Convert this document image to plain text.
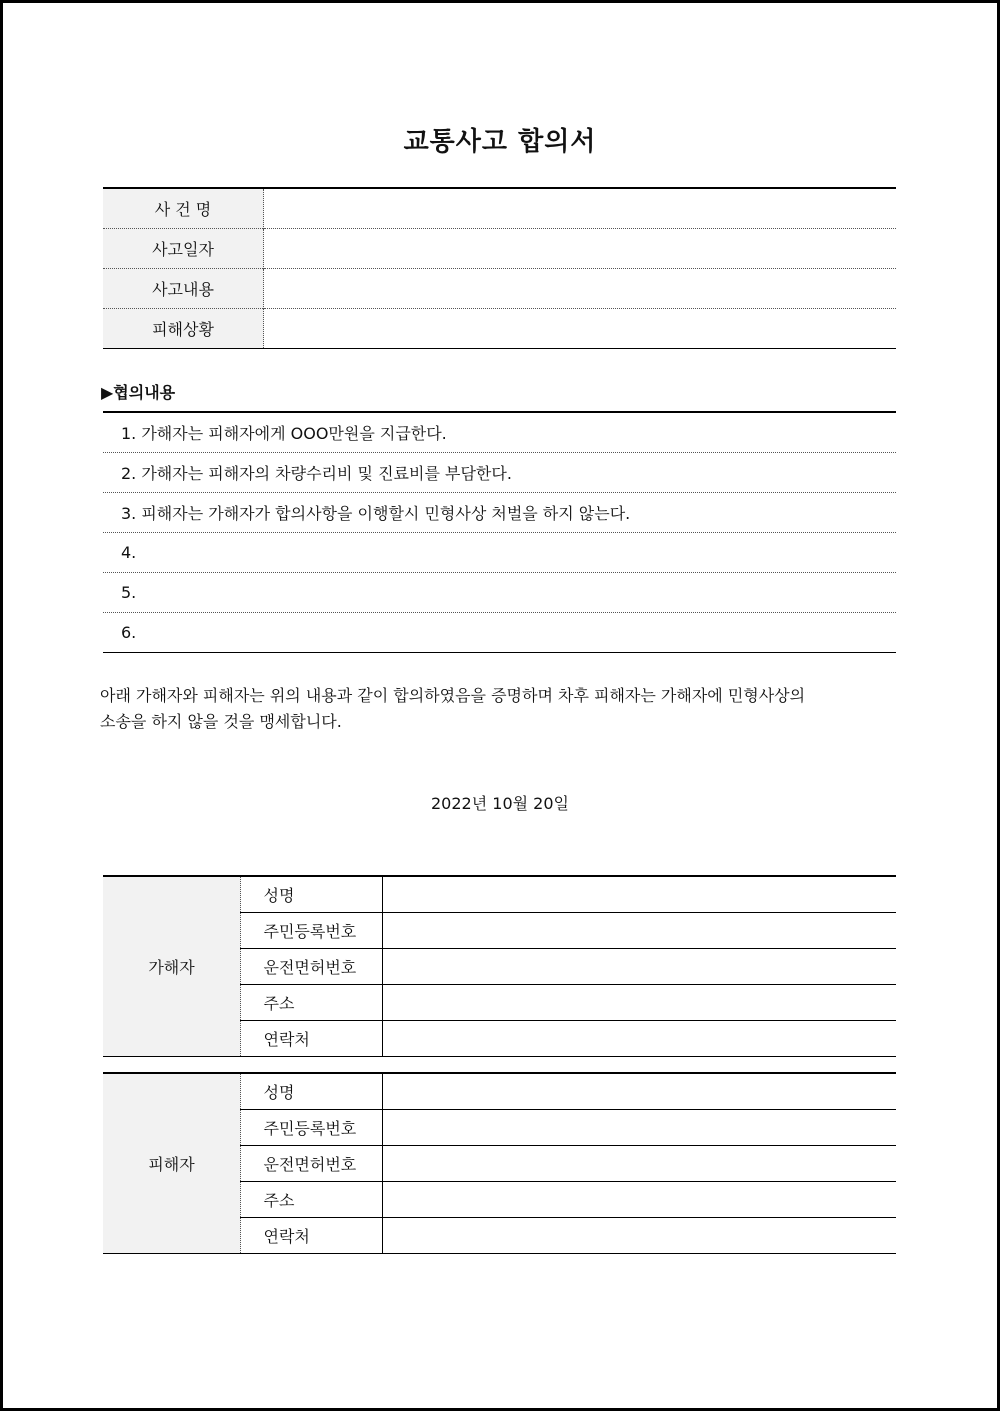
교통사고 합의서
사 건 명	
사고일자	
사고내용	
피해상황	
▶협의내용
1. 가해자는 피해자에게 OOO만원을 지급한다.
2. 가해자는 피해자의 차량수리비 및 진료비를 부담한다.
3. 피해자는 가해자가 합의사항을 이행할시 민형사상 처벌을 하지 않는다.
4.
5.
6.
아래 가해자와 피해자는 위의 내용과 같이 합의하였음을 증명하며 차후 피해자는 가해자에 민형사상의
소송을 하지 않을 것을 맹세합니다.
2022년 10월 20일
가해자	성명	
	주민등록번호	
	운전면허번호	
	주소	
	연락처	
피해자	성명	
	주민등록번호	
	운전면허번호	
	주소	
	연락처	
